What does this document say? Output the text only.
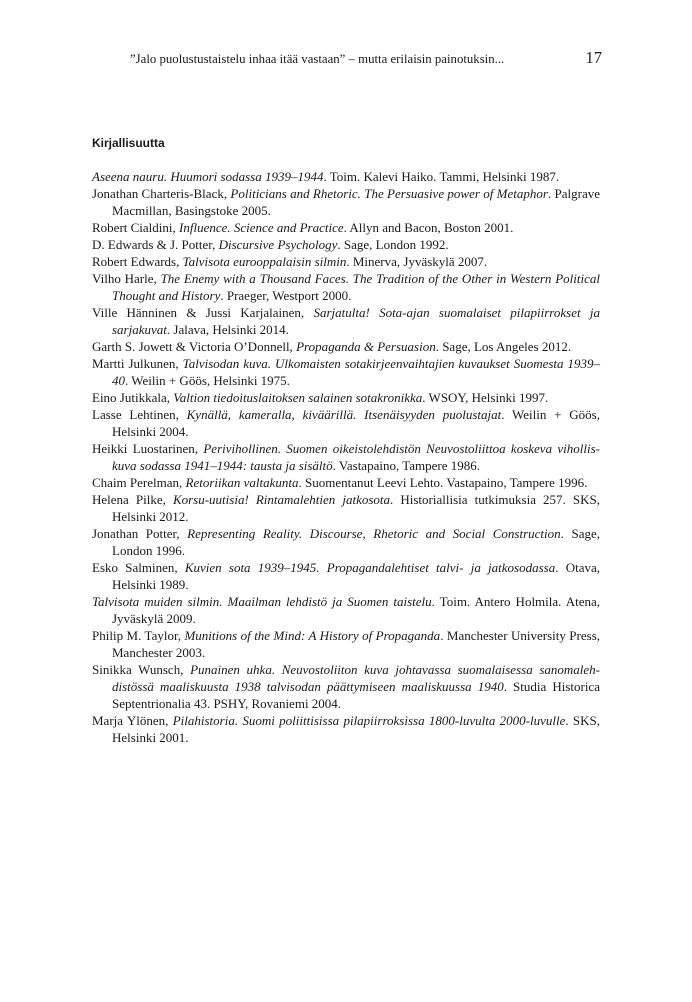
”Jalo puolustustaistelu inhaa itää vastaan” – mutta erilaisin painotuksin...	17
Kirjallisuutta
Aseena nauru. Huumori sodassa 1939–1944. Toim. Kalevi Haiko. Tammi, Helsinki 1987.
Jonathan Charteris-Black, Politicians and Rhetoric. The Persuasive power of Metaphor. Palgrave Macmillan, Basingstoke 2005.
Robert Cialdini, Influence. Science and Practice. Allyn and Bacon, Boston 2001.
D. Edwards & J. Potter, Discursive Psychology. Sage, London 1992.
Robert Edwards, Talvisota eurooppalaisin silmin. Minerva, Jyväskylä 2007.
Vilho Harle, The Enemy with a Thousand Faces. The Tradition of the Other in Western Political Thought and History. Praeger, Westport 2000.
Ville Hänninen & Jussi Karjalainen, Sarjatulta! Sota-ajan suomalaiset pilapiirrokset ja sarjakuvat. Jalava, Helsinki 2014.
Garth S. Jowett & Victoria O’Donnell, Propaganda & Persuasion. Sage, Los Angeles 2012.
Martti Julkunen, Talvisodan kuva. Ulkomaisten sotakirjeenvaihtajien kuvaukset Suomesta 1939–40. Weilin + Göös, Helsinki 1975.
Eino Jutikkala, Valtion tiedoituslaitoksen salainen sotakronikka. WSOY, Helsinki 1997.
Lasse Lehtinen, Kynällä, kameralla, kiväärillä. Itsenäisyyden puolustajat. Weilin + Göös, Helsinki 2004.
Heikki Luostarinen, Perivihollinen. Suomen oikeistolehdistön Neuvostoliittoa koskeva viholliskuva sodassa 1941–1944: taustа ja sisältö. Vastapaino, Tampere 1986.
Chaim Perelman, Retoriikan valtakunta. Suomentanut Leevi Lehto. Vastapaino, Tampere 1996.
Helena Pilke, Korsu-uutisia! Rintamalehtien jatkosota. Historiallisia tutkimuksia 257. SKS, Helsinki 2012.
Jonathan Potter, Representing Reality. Discourse, Rhetoric and Social Construction. Sage, London 1996.
Esko Salminen, Kuvien sota 1939–1945. Propagandalehtiset talvi- ja jatkosodassa. Otava, Helsinki 1989.
Talvisota muiden silmin. Maailman lehdistö ja Suomen taistelu. Toim. Antero Holmila. Atena, Jyväskylä 2009.
Philip M. Taylor, Munitions of the Mind: A History of Propaganda. Manchester University Press, Manchester 2003.
Sinikka Wunsch, Punainen uhka. Neuvostoliiton kuva johtavassa suomalaisessa sanomalehdistössä maaliskuusta 1938 talvisodan päättymiseen maaliskuussa 1940. Studia Historica Septentrionalia 43. PSHY, Rovaniemi 2004.
Marja Ylönen, Pilahistoria. Suomi poliittisissa pilapiirroksissa 1800-luvulta 2000-luvulle. SKS, Helsinki 2001.
